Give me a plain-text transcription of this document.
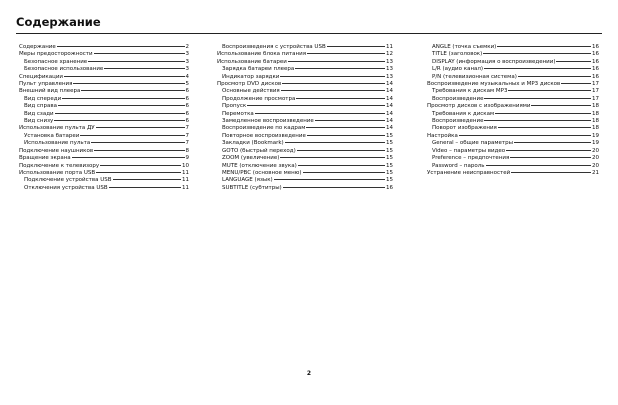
Содержание
Содержание	2
Меры предосторожности	3
Безопасное хранение	3
Безопасное использование	3
Спецификации	4
Пульт управления	5
Внешний вид плеера	6
Вид спереди	6
Вид справа	6
Вид сзади	6
Вид снизу	6
Использование пульта ДУ	7
Установка батареи	7
Использование пульта	7
Подключение наушников	8
Вращение экрана	9
Подключение к телевизору	10
Использование порта USB	11
Подключение устройства USB	11
Отключения устройства USB	11
Воспроизведения с устройства USB	11
Использование блока питания	12
Использование батареи	13
Зарядка батареи плеера	13
Индикатор зарядки	13
Просмотр DVD дисков	14
Основные действия	14
Продолжение просмотра	14
Пропуск	14
Перемотка	14
Замедленное воспроизведение	14
Воспроизведение по кадрам	14
Повторное воспроизведение	15
Закладки (Bookmark)	15
GOTO (быстрый переход)	15
ZOOM (увеличение)	15
MUTE (отключение звука)	15
MENU/PBC (основное меню)	15
LANGUAGE (язык)	15
SUBTITLE (субтитры)	16
ANGLE (точка съемки)	16
TITLE (заголовок)	16
DISPLAY (информация о воспроизведении)	16
L/R (аудио канал)	16
P/N (телевизионная система)	16
Воспроизведение музыкальных и MP3 дисков	17
Требования к дискам MP3	17
Воспроизведение	17
Просмотр дисков с изображениями	18
Требования к дискам	18
Воспроизведение	18
Поворот изображения	18
Настройка	19
General – общие параметры	19
Video – параметры видео	20
Preference – предпочтения	20
Password – пароль	20
Устранение неисправностей	21
2
